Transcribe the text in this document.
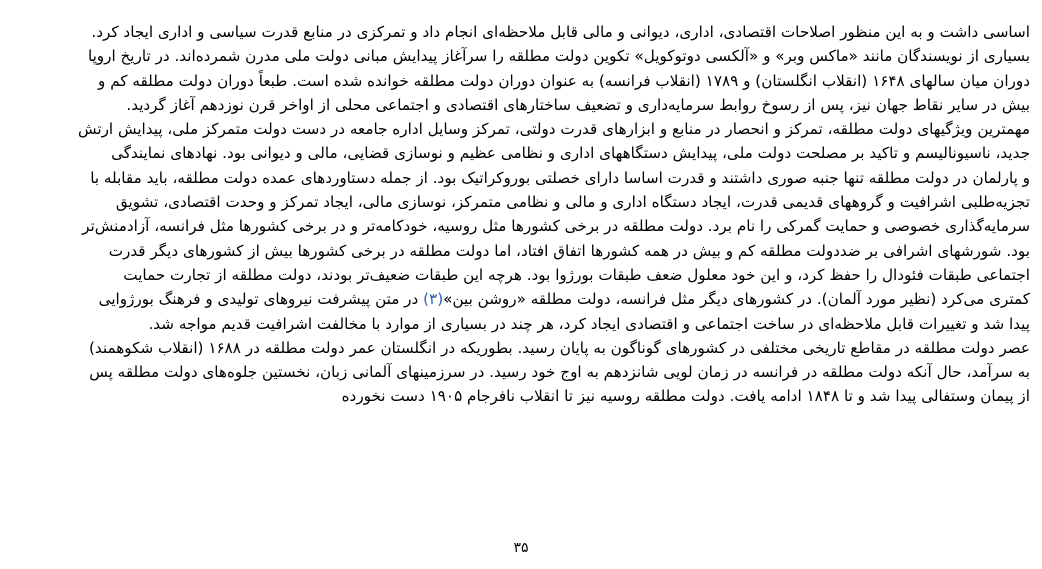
اساسی داشت و به این منظور اصلاحات اقتصادی، اداری، دیوانی و مالی قابل ملاحظه‌ای انجام داد و تمرکزی در منابع قدرت سیاسی و اداری ایجاد کرد.
بسیاری از نویسندگان مانند «ماکس وبر» و «آلکسی دوتوکویل» تکوین دولت مطلقه را سرآغاز پیدایش مبانی دولت ملی مدرن شمرده‌اند. در تاریخ اروپا
دوران میان سالهای ۱۶۴۸ (انقلاب انگلستان) و ۱۷۸۹ (انقلاب فرانسه) به عنوان دوران دولت مطلقه خوانده شده است. طبعاً دوران دولت مطلقه کم و
بیش در سایر نقاط جهان نیز، پس از رسوخ روابط سرمایه‌داری و تضعیف ساختارهای اقتصادی و اجتماعی محلی از اواخر قرن نوزدهم آغاز گردید.
مهمترین ویژگیهای دولت مطلقه، تمرکز و انحصار در منابع و ابزارهای قدرت دولتی، تمرکز وسایل اداره جامعه در دست دولت متمرکز ملی، پیدایش ارتش
جدید، ناسیونالیسم و تاکید بر مصلحت دولت ملی، پیدایش دستگاههای اداری و نظامی عظیم و نوسازی قضایی، مالی و دیوانی بود. نهادهای نمایندگی
و پارلمان در دولت مطلقه تنها جنبه صوری داشتند و قدرت اساسا دارای خصلتی بوروکراتیک بود. از جمله دستاوردهای عمده دولت مطلقه، باید مقابله با
تجزیه‌طلبی اشرافیت و گروههای قدیمی قدرت، ایجاد دستگاه اداری و مالی و نظامی متمرکز، نوسازی مالی، ایجاد تمرکز و وحدت اقتصادی، تشویق
سرمایه‌گذاری خصوصی و حمایت گمرکی را نام برد. دولت مطلقه در برخی کشورها مثل روسیه، خودکامه‌تر و در برخی کشورها مثل فرانسه، آزادمنش‌تر
بود. شورشهای اشرافی بر ضددولت مطلقه کم و بیش در همه کشورها اتفاق افتاد، اما دولت مطلقه در برخی کشورها بیش از کشورهای دیگر قدرت
اجتماعی طبقات فئودال را حفظ کرد، و این خود معلول ضعف طبقات بورژوا بود. هرچه این طبقات ضعیف‌تر بودند، دولت مطلقه از تجارت حمایت
کمتری می‌کرد (نظیر مورد آلمان). در کشورهای دیگر مثل فرانسه، دولت مطلقه «روشن بین»(۳) در متن پیشرفت نیروهای تولیدی و فرهنگ بورژوایی
پیدا شد و تغییرات قابل ملاحظه‌ای در ساخت اجتماعی و اقتصادی ایجاد کرد، هر چند در بسیاری از موارد با مخالفت اشرافیت قدیم مواجه شد.
عصر دولت مطلقه در مقاطع تاریخی مختلفی در کشورهای گوناگون به پایان رسید. بطوریکه در انگلستان عمر دولت مطلقه در ۱۶۸۸ (انقلاب شکوهمند)
به سرآمد، حال آنکه دولت مطلقه در فرانسه در زمان لویی شانزدهم به اوج خود رسید. در سرزمینهای آلمانی زبان، نخستین جلوه‌های دولت مطلقه پس
از پیمان وستفالی پیدا شد و تا ۱۸۴۸ ادامه یافت. دولت مطلقه روسیه نیز تا انقلاب نافرجام ۱۹۰۵ دست نخورده
۳۵
